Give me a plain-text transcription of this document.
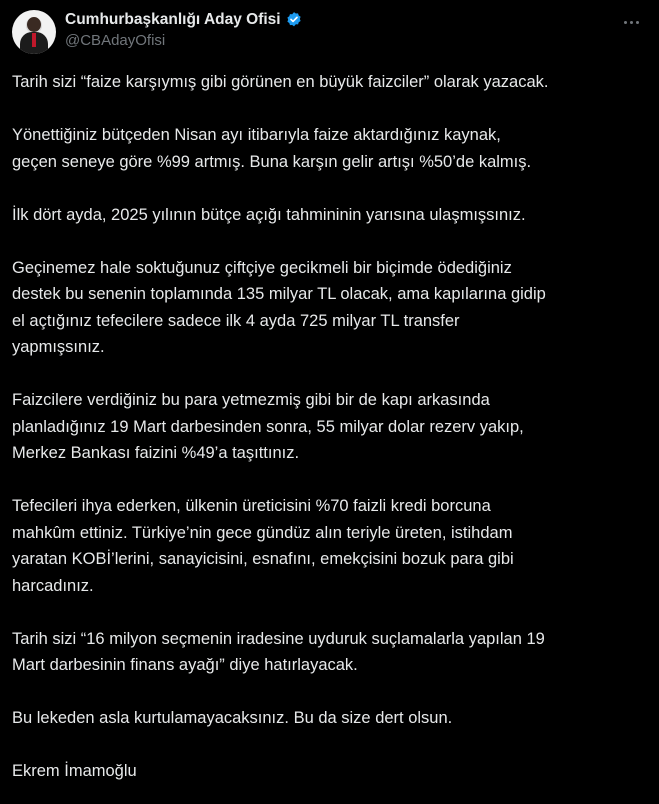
Cumhurbaşkanlığı Aday Ofisi
@CBAdayOfisi

Tarih sizi “faize karşıymış gibi görünen en büyük faizciler” olarak yazacak.

Yönettiğiniz bütçeden Nisan ayı itibarıyla faize aktardığınız kaynak,
geçen seneye göre %99 artmış. Buna karşın gelir artışı %50’de kalmış.

İlk dört ayda, 2025 yılının bütçe açığı tahmininin yarısına ulaşmışsınız.

Geçinemez hale soktuğunuz çiftçiye gecikmeli bir biçimde ödediğiniz
destek bu senenin toplamında 135 milyar TL olacak, ama kapılarına gidip
el açtığınız tefecilere sadece ilk 4 ayda 725 milyar TL transfer
yapmışsınız.

Faizcilere verdiğiniz bu para yetmezmiş gibi bir de kapı arkasında
planladığınız 19 Mart darbesinden sonra, 55 milyar dolar rezerv yakıp,
Merkez Bankası faizini %49’a taşıttınız.

Tefecileri ihya ederken, ülkenin üreticisini %70 faizli kredi borcuna
mahkûm ettiniz. Türkiye’nin gece gündüz alın teriyle üreten, istihdam
yaratan KOBİ’lerini, sanayicisini, esnafını, emekçisini bozuk para gibi
harcadınız.

Tarih sizi “16 milyon seçmenin iradesine uyduruk suçlamalarla yapılan 19
Mart darbesinin finans ayağı” diye hatırlayacak.

Bu lekeden asla kurtulamayacaksınız. Bu da size dert olsun.

Ekrem İmamoğlu
